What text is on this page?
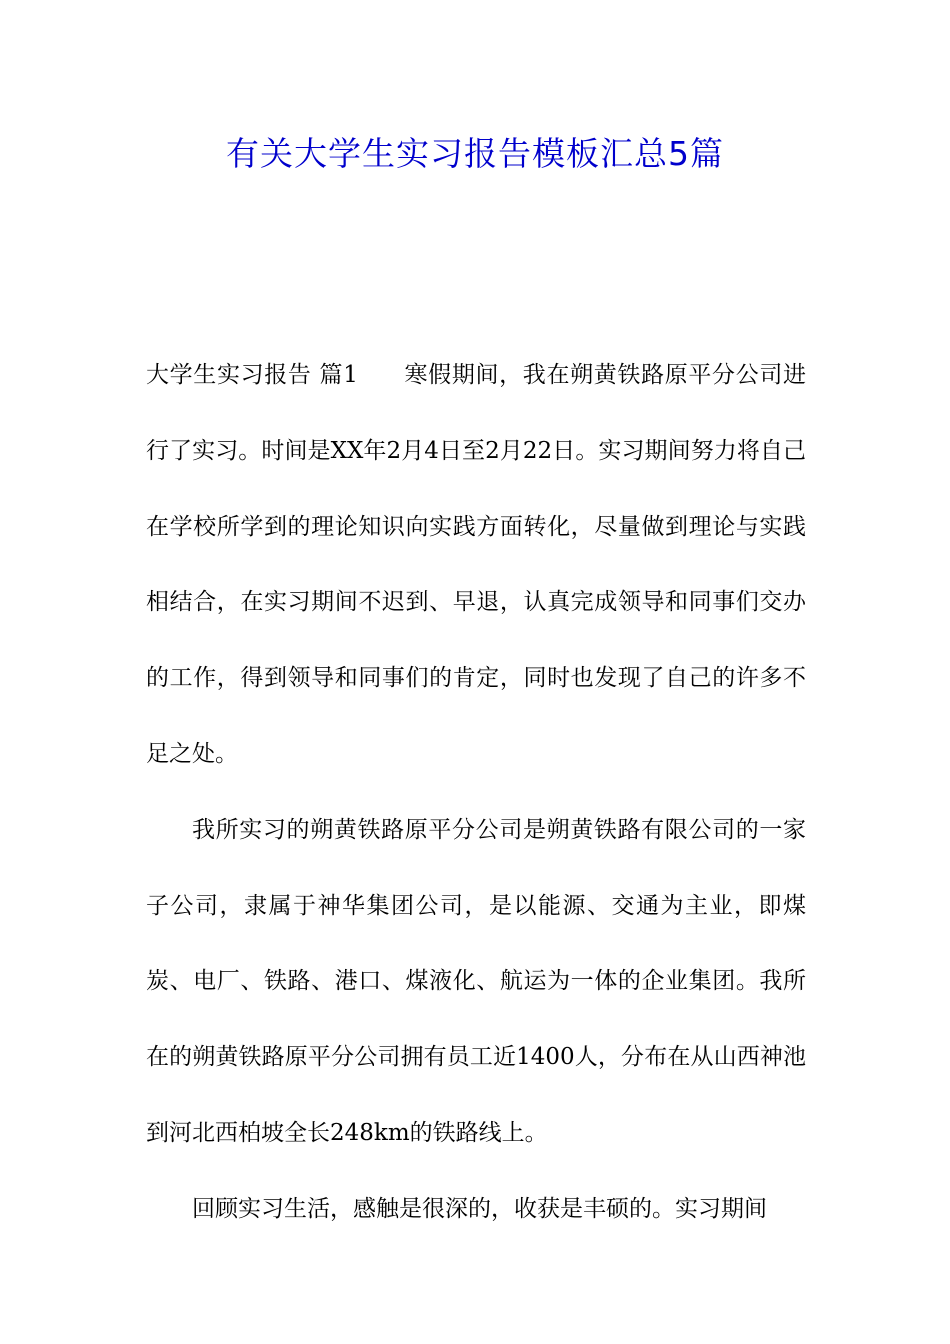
有关大学生实习报告模板汇总5篇

大学生实习报告 篇1 寒假期间，我在朔黄铁路原平分公司进行了实习。时间是XX年2月4日至2月22日。实习期间努力将自己在学校所学到的理论知识向实践方面转化，尽量做到理论与实践相结合，在实习期间不迟到、早退，认真完成领导和同事们交办的工作，得到领导和同事们的肯定，同时也发现了自己的许多不足之处。

我所实习的朔黄铁路原平分公司是朔黄铁路有限公司的一家子公司，隶属于神华集团公司，是以能源、交通为主业，即煤炭、电厂、铁路、港口、煤液化、航运为一体的企业集团。我所在的朔黄铁路原平分公司拥有员工近1400人，分布在从山西神池到河北西柏坡全长248km的铁路线上。

回顾实习生活，感触是很深的，收获是丰硕的。实习期间
